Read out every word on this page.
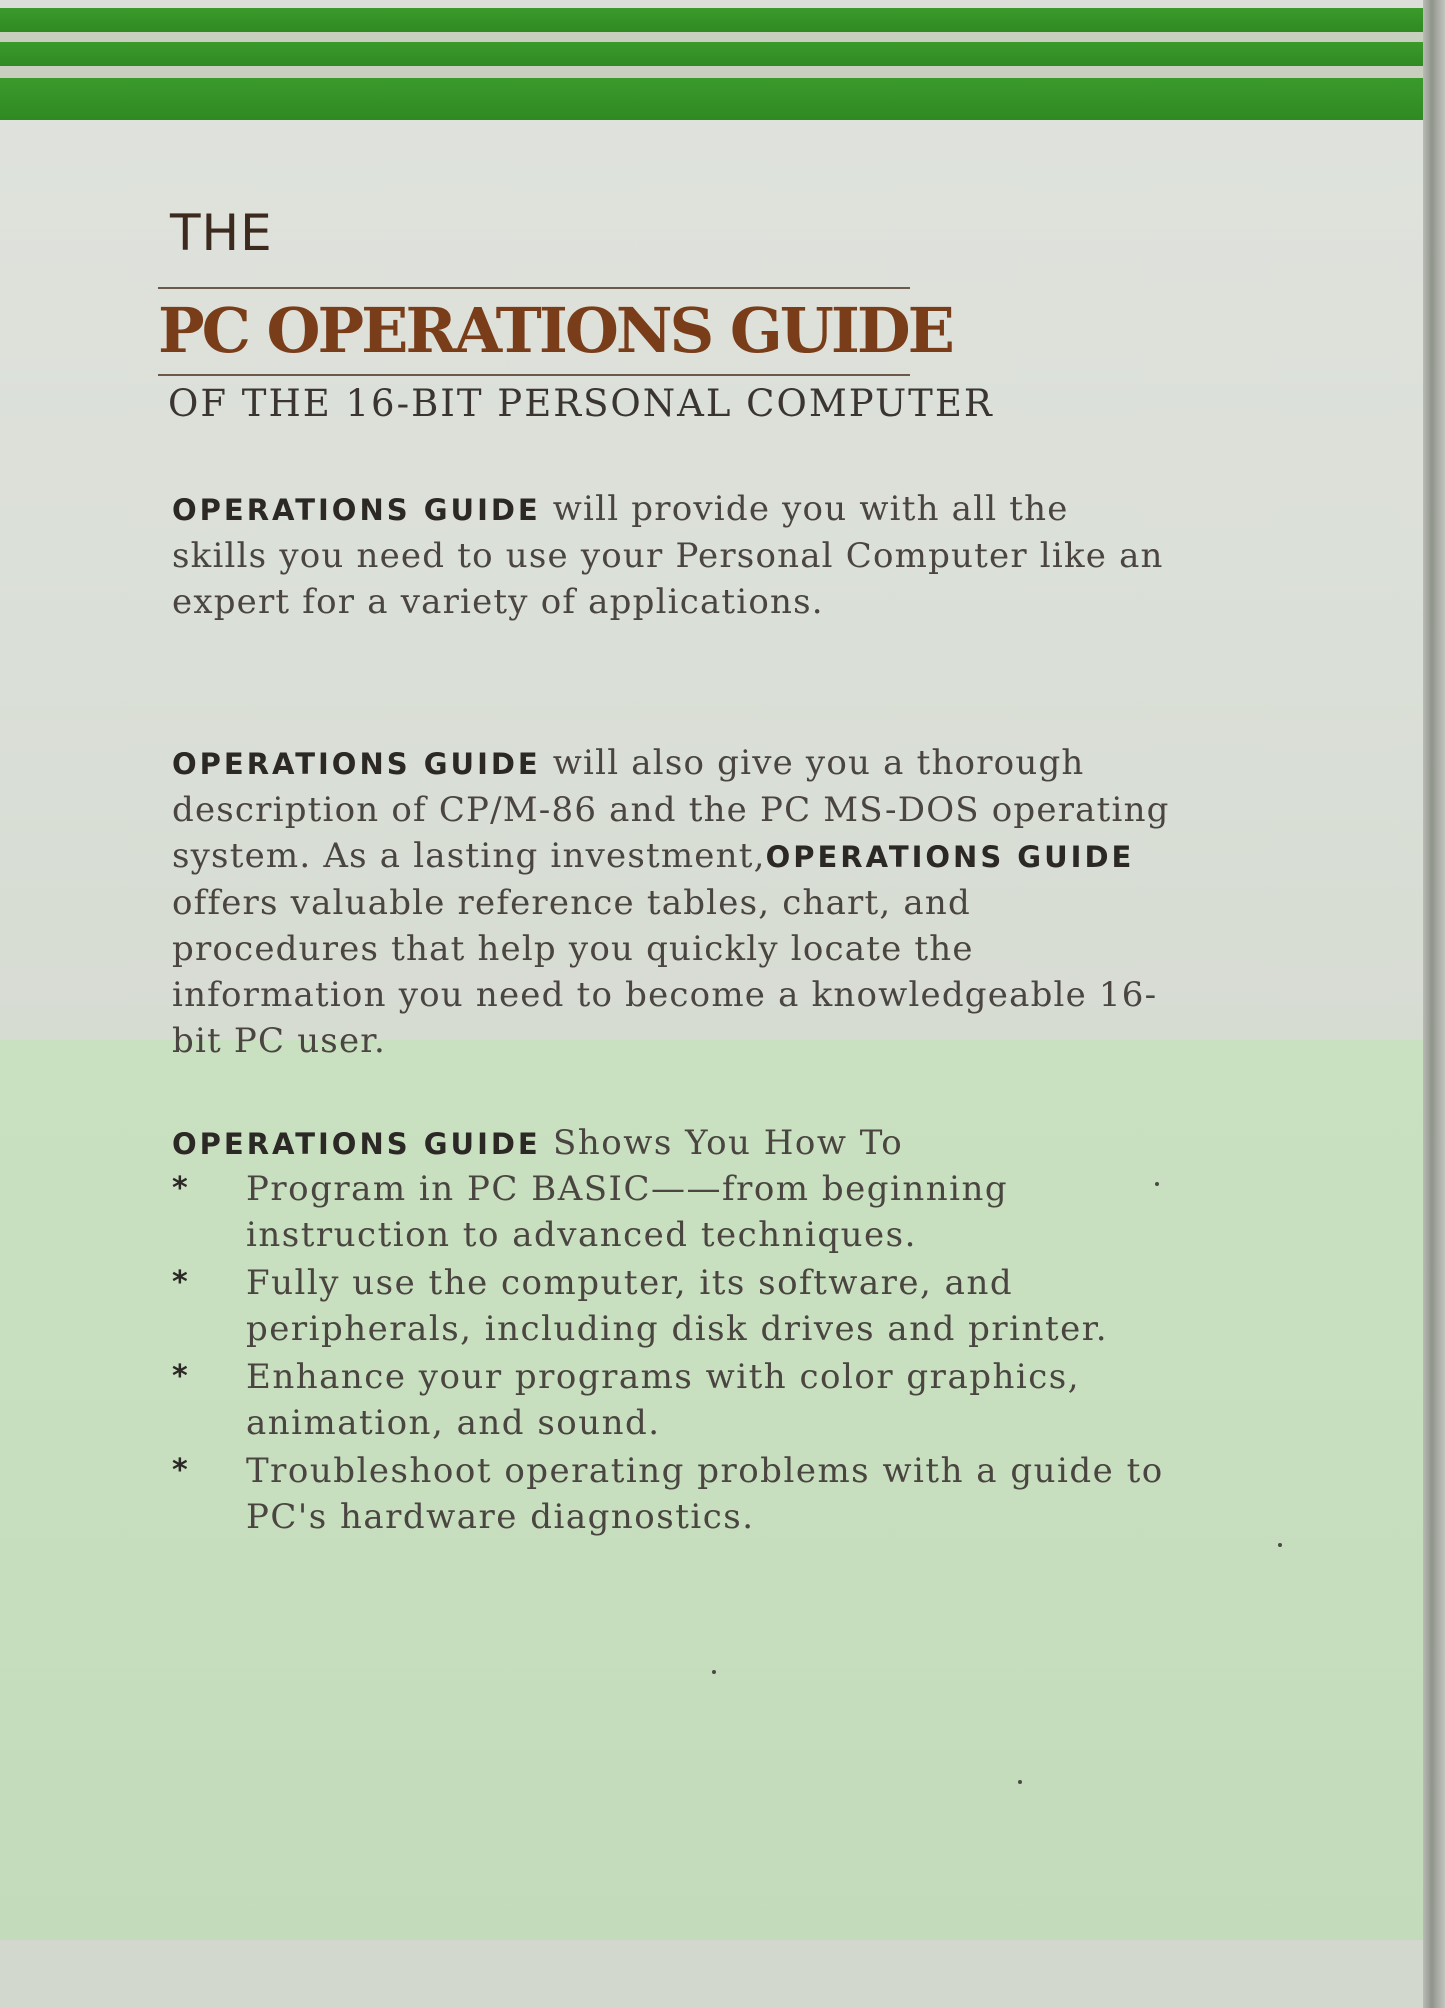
THE
PC OPERATIONS GUIDE
OF THE 16-BIT PERSONAL COMPUTER
OPERATIONS GUIDE will provide you with all the skills you need to use your Personal Computer like an expert for a variety of applications.
OPERATIONS GUIDE will also give you a thorough description of CP/M-86 and the PC MS-DOS operating system. As a lasting investment,OPERATIONS GUIDE offers valuable reference tables, chart, and procedures that help you quickly locate the information you need to become a knowledgeable 16-bit PC user.
OPERATIONS GUIDE Shows You How To
* Program in PC BASIC——from beginning instruction to advanced techniques.
* Fully use the computer, its software, and peripherals, including disk drives and printer.
* Enhance your programs with color graphics, animation, and sound.
* Troubleshoot operating problems with a guide to PC's hardware diagnostics.
